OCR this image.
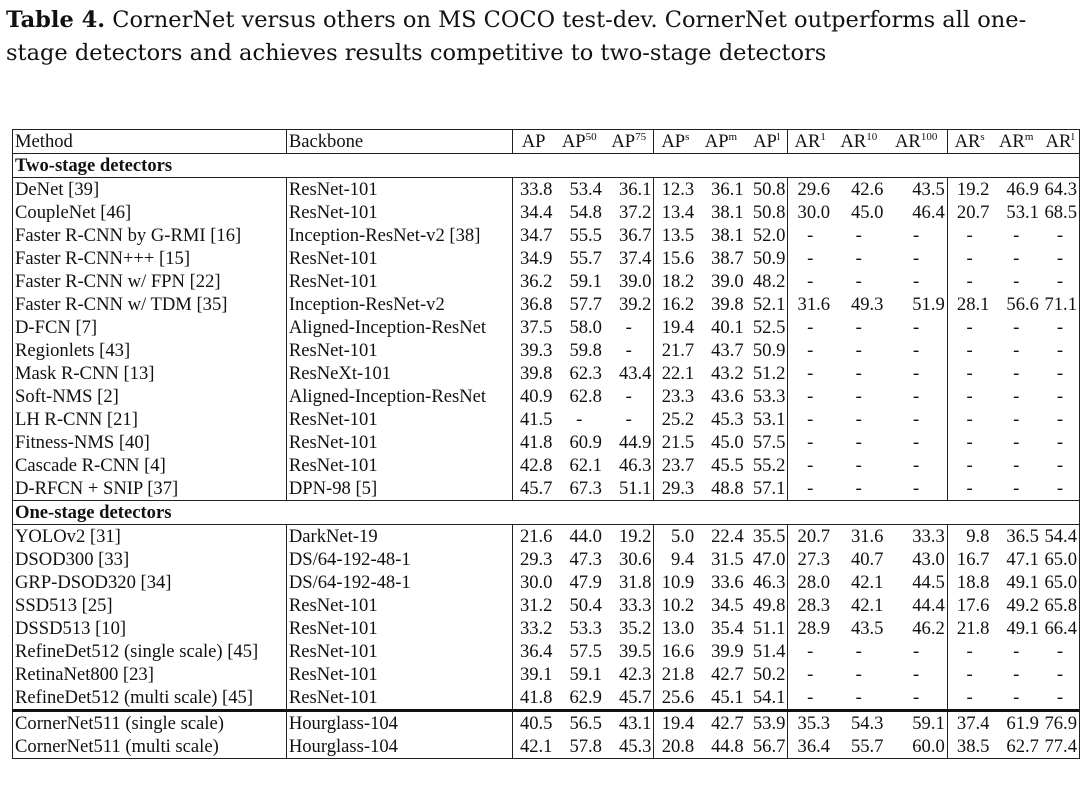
Table 4. CornerNet versus others on MS COCO test-dev. CornerNet outperforms all one-stage detectors and achieves results competitive to two-stage detectors
Method	Backbone	AP	AP$^{50}$	AP$^{75}$	$AP^s$	$AP^m$	$AP^l$	$AR^1$	AR$^{10}$	AR$^{100}$	$AR^s$	$AR^m$	$AR^l$
Two-stage detectors													
DeNet [39]	ResNet-101	33.8	53.4	36.1	12.3	36.1	50.8	29.6	42.6	43.5	19.2	46.9	64.3
CoupleNet [46]	ResNet-101	34.4	54.8	37.2	13.4	38.1	50.8	30.0	45.0	46.4	20.7	53.1	68.5
Faster R-CNN by G-RMI [16]	Inception-ResNet-v2 [38]	34.7	55.5	36.7	13.5	38.1	52.0	-	-	-	-	-	-
Faster R-CNN+++ [15]	ResNet-101	34.9	55.7	37.4	15.6	38.7	50.9	-	-	-	-	-	-
Faster R-CNN w/ FPN [22]	ResNet-101	36.2	59.1	39.0	18.2	39.0	48.2	-	-	-	-	-	-
Faster R-CNN w/ TDM [35]	Inception-ResNet-v2	36.8	57.7	39.2	16.2	39.8	52.1	31.6	49.3	51.9	28.1	56.6	71.1
D-FCN [7]	Aligned-Inception-ResNet	37.5	58.0	-	19.4	40.1	52.5	-	-	-	-	-	-
Regionlets [43]	ResNet-101	39.3	59.8	-	21.7	43.7	50.9	-	-	-	-	-	-
Mask R-CNN [13]	ResNeXt-101	39.8	62.3	43.4	22.1	43.2	51.2	-	-	-	-	-	-
Soft-NMS [2]	Aligned-Inception-ResNet	40.9	62.8	-	23.3	43.6	53.3	-	-	-	-	-	-
LH R-CNN [21]	ResNet-101	41.5	-	-	25.2	45.3	53.1	-	-	-	-	-	-
Fitness-NMS [40]	ResNet-101	41.8	60.9	44.9	21.5	45.0	57.5	-	-	-	-	-	-
Cascade R-CNN [4]	ResNet-101	42.8	62.1	46.3	23.7	45.5	55.2	-	-	-	-	-	-
D-RFCN + SNIP [37]	DPN-98 [5]	45.7	67.3	51.1	29.3	48.8	57.1	-	-	-	-	-	-
One-stage detectors													
YOLOv2 [31]	DarkNet-19	21.6	44.0	19.2	5.0	22.4	35.5	20.7	31.6	33.3	9.8	36.5	54.4
DSOD300 [33]	DS/64-192-48-1	29.3	47.3	30.6	9.4	31.5	47.0	27.3	40.7	43.0	16.7	47.1	65.0
GRP-DSOD320 [34]	DS/64-192-48-1	30.0	47.9	31.8	10.9	33.6	46.3	28.0	42.1	44.5	18.8	49.1	65.0
SSD513 [25]	ResNet-101	31.2	50.4	33.3	10.2	34.5	49.8	28.3	42.1	44.4	17.6	49.2	65.8
DSSD513 [10]	ResNet-101	33.2	53.3	35.2	13.0	35.4	51.1	28.9	43.5	46.2	21.8	49.1	66.4
RefineDet512 (single scale) [45]	ResNet-101	36.4	57.5	39.5	16.6	39.9	51.4	-	-	-	-	-	-
RetinaNet800 [23]	ResNet-101	39.1	59.1	42.3	21.8	42.7	50.2	-	-	-	-	-	-
RefineDet512 (multi scale) [45]	ResNet-101	41.8	62.9	45.7	25.6	45.1	54.1	-	-	-	-	-	-
CornerNet511 (single scale)	Hourglass-104	40.5	56.5	43.1	19.4	42.7	53.9	35.3	54.3	59.1	37.4	61.9	76.9
CornerNet511 (multi scale)	Hourglass-104	42.1	57.8	45.3	20.8	44.8	56.7	36.4	55.7	60.0	38.5	62.7	77.4
